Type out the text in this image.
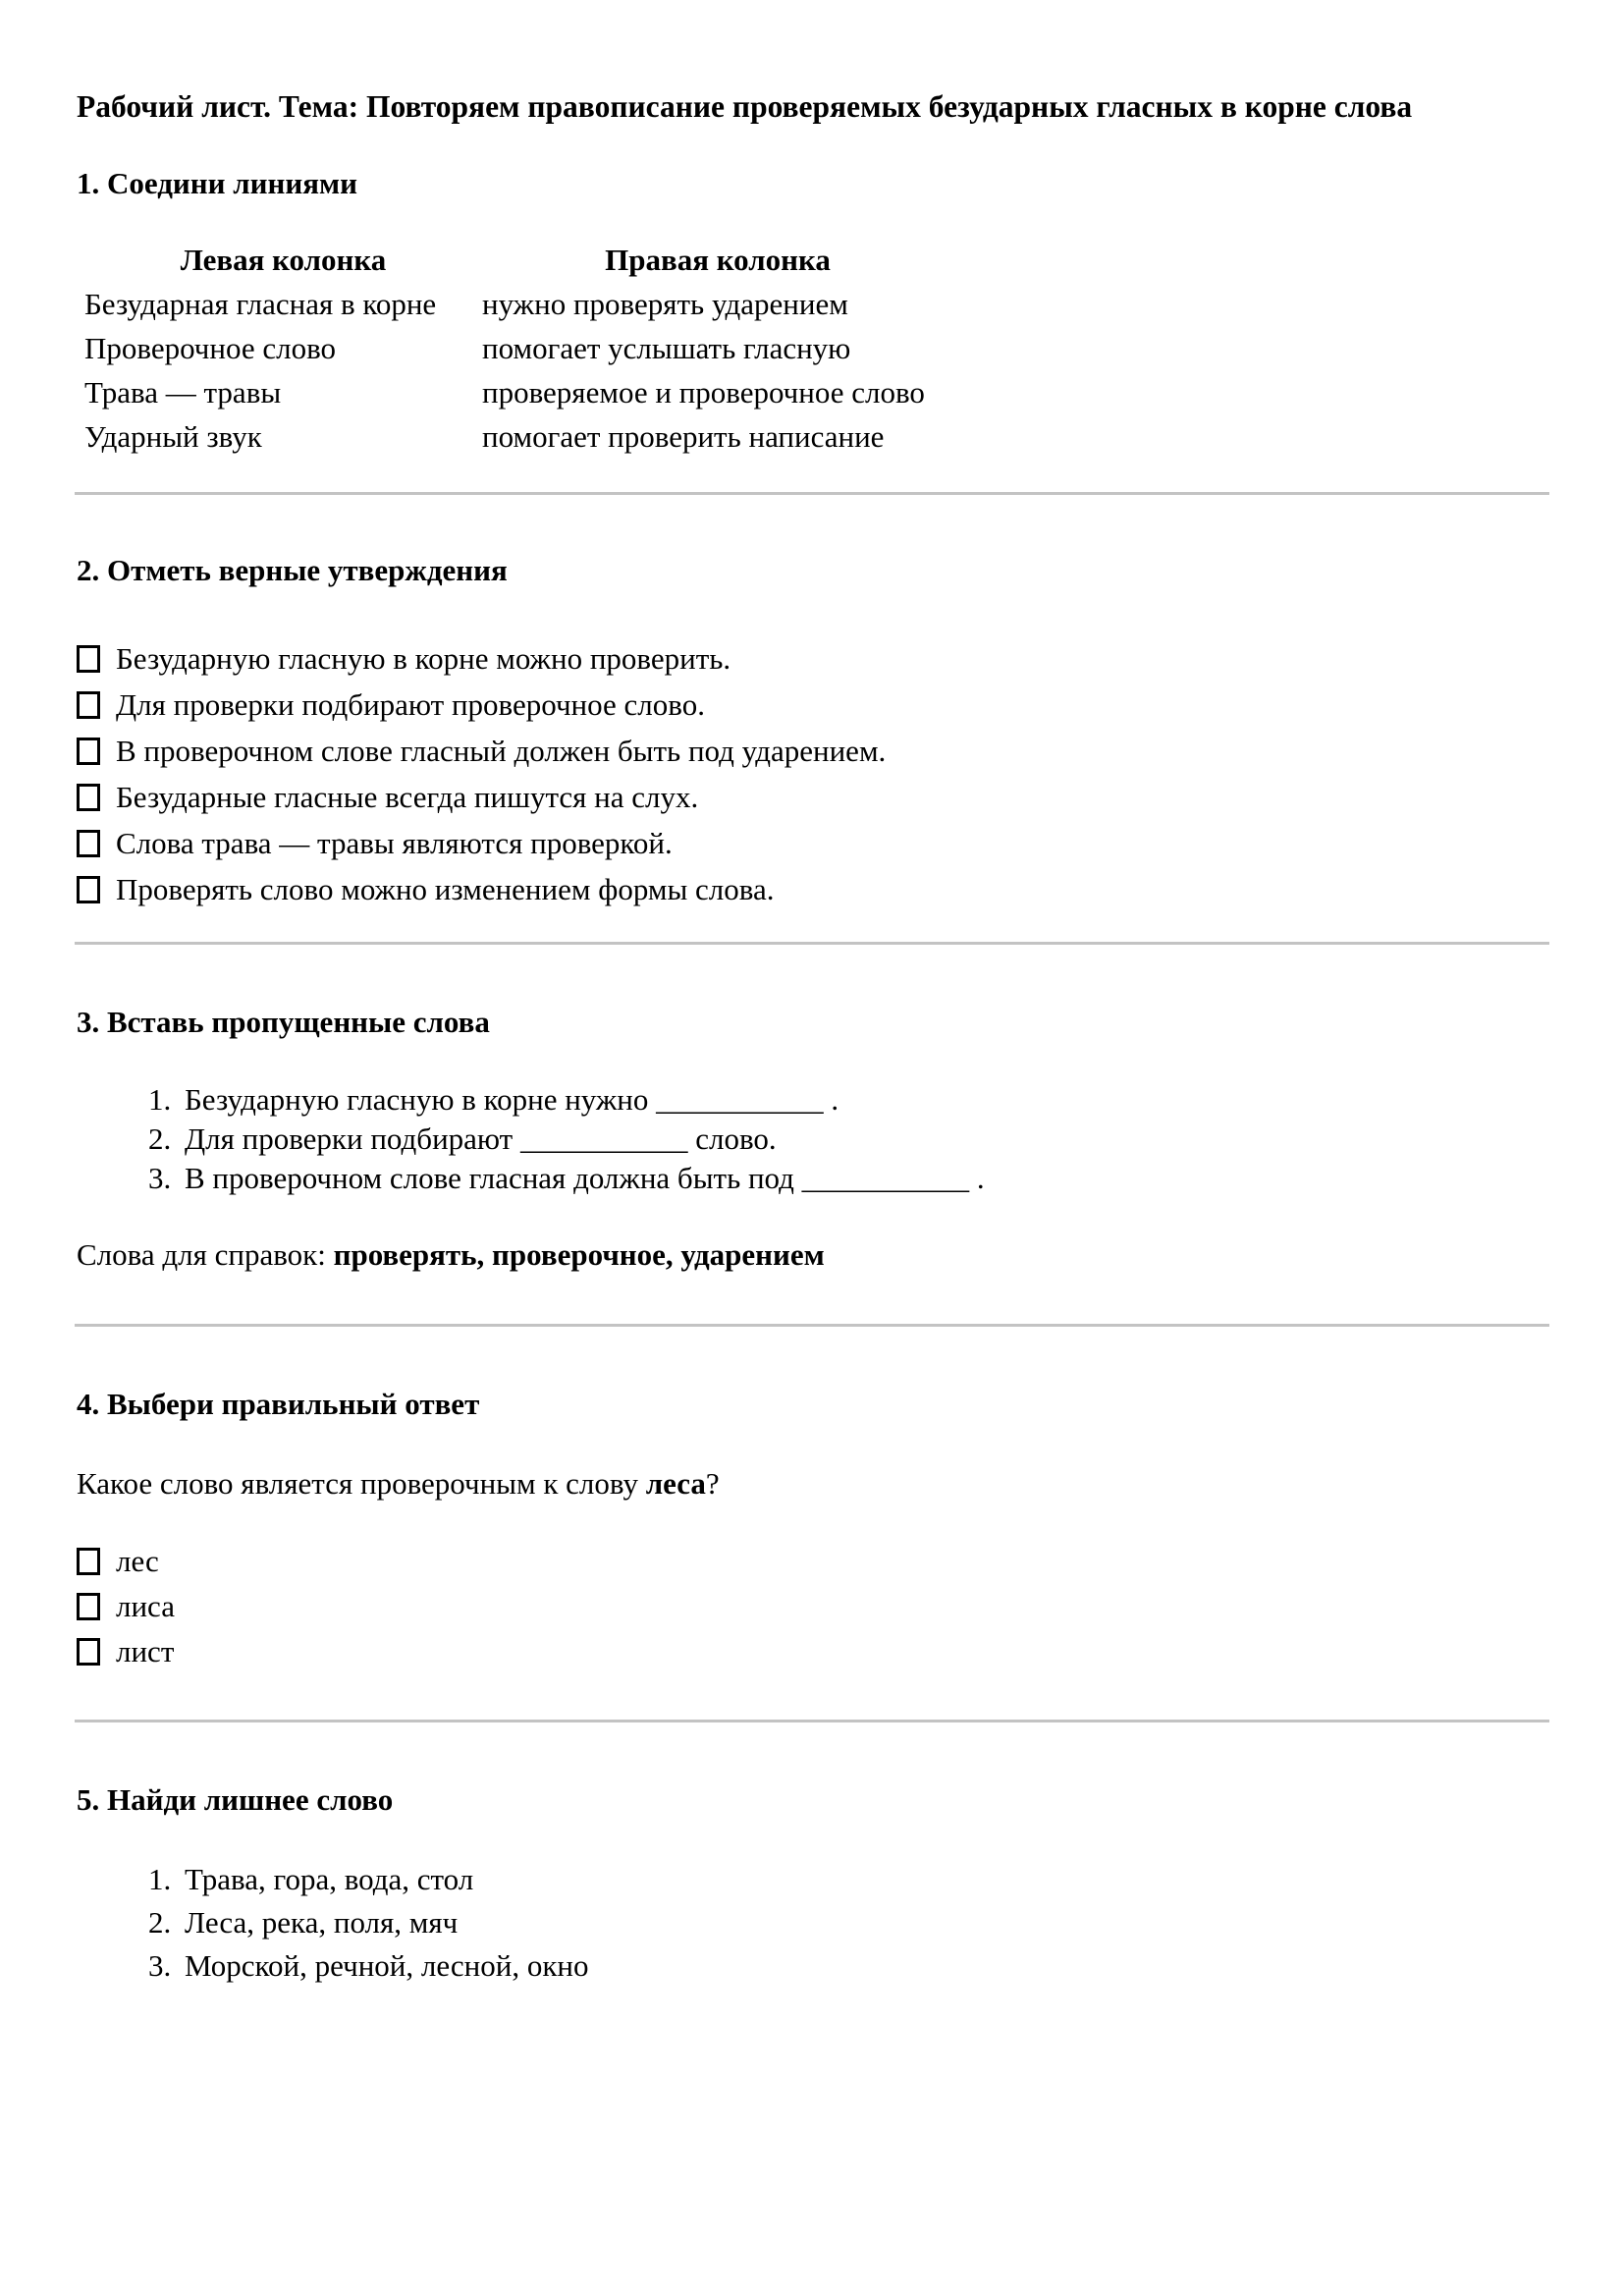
Рабочий лист. Тема: Повторяем правописание проверяемых безударных гласных в корне слова
1. Соедини линиями
Левая колонка	Правая колонка
Безударная гласная в корне	нужно проверять ударением
Проверочное слово	помогает услышать гласную
Трава — травы	проверяемое и проверочное слово
Ударный звук	помогает проверить написание
2. Отметь верные утверждения
Безударную гласную в корне можно проверить.
Для проверки подбирают проверочное слово.
В проверочном слове гласный должен быть под ударением.
Безударные гласные всегда пишутся на слух.
Слова трава — травы являются проверкой.
Проверять слово можно изменением формы слова.
3. Вставь пропущенные слова
1. Безударную гласную в корне нужно ___________ .
2. Для проверки подбирают ___________ слово.
3. В проверочном слове гласная должна быть под ___________ .

Слова для справок: проверять, проверочное, ударением

4. Выбери правильный ответ

Какое слово является проверочным к слову леса?

лес
лиса
лист
5. Найди лишнее слово
1. Трава, гора, вода, стол
2. Леса, река, поля, мяч
3. Морской, речной, лесной, окно
